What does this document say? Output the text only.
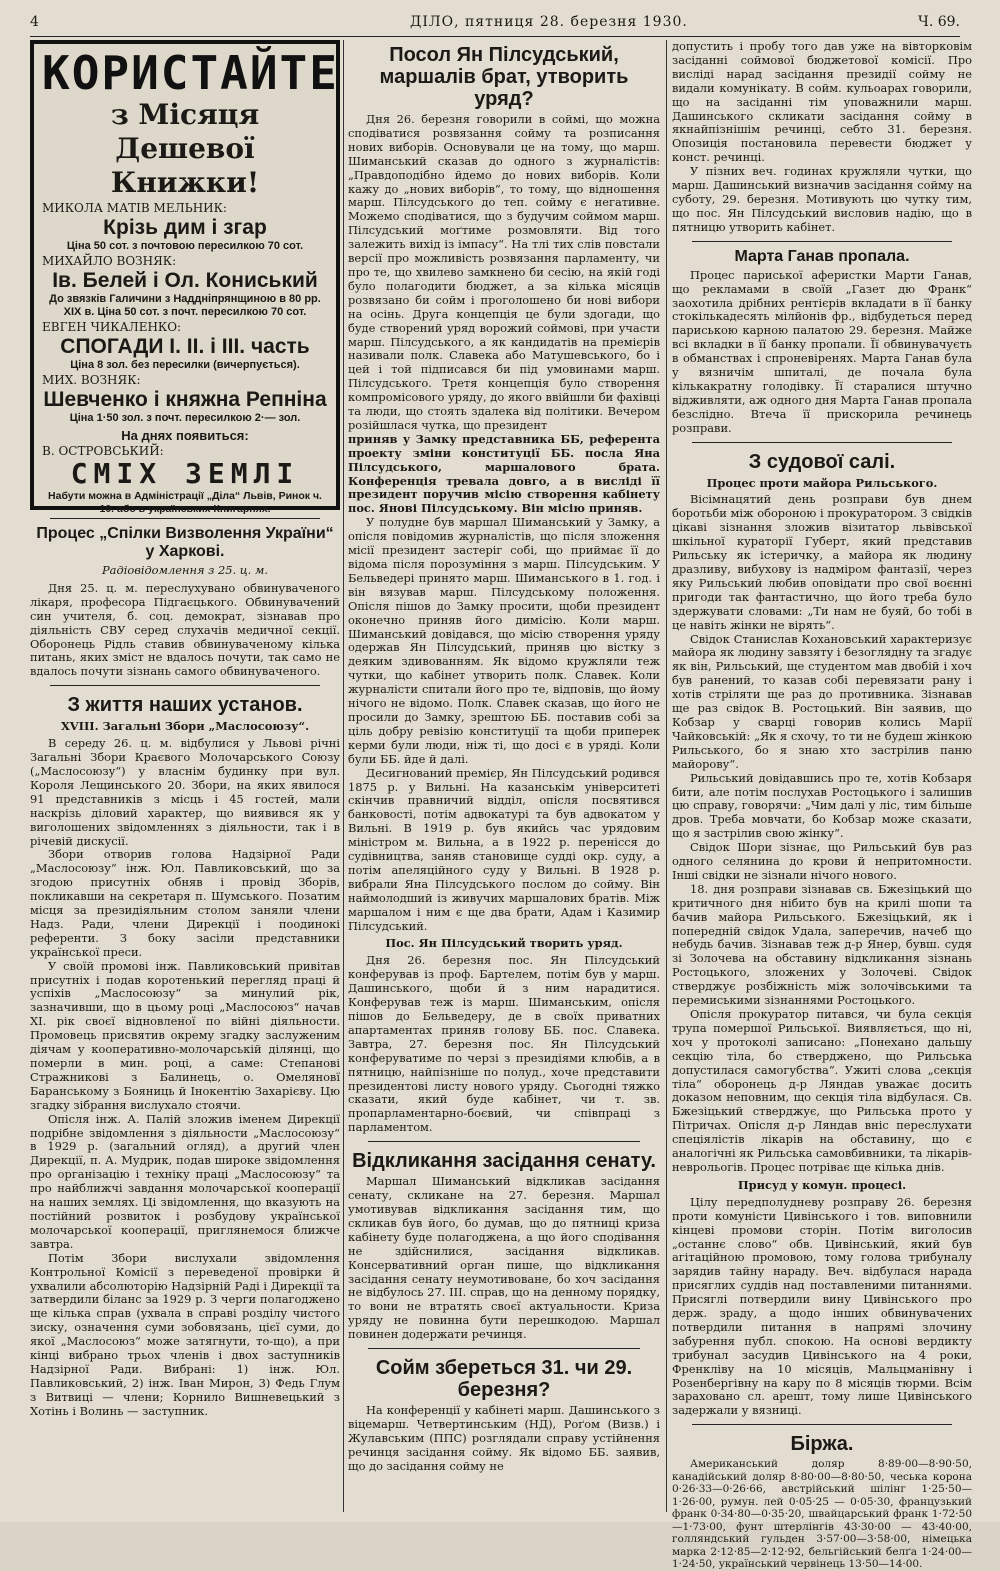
4	ДІЛО, пятниця 28. березня 1930.	Ч. 69.
КОРИСТАЙТЕ
з Місяця Дешевої Книжки!
МИКОЛА МАТІВ МЕЛЬНИК:
Крізь дим і згар
Ціна 50 сот. з почтовою пересилкою 70 сот.
МИХАЙЛО ВОЗНЯК:
Ів. Белей і Ол. Кониський
До звязків Галичини з Наддніпрянщиною в 80 рр. XIX в. Ціна 50 сот. з почт. пересилкою 70 сот.
ЕВГЕН ЧИКАЛЕНКО:
СПОГАДИ I. II. і III. часть
Ціна 8 зол. без пересилки (вичерпується).
МИХ. ВОЗНЯК:
Шевченко і княжна Репніна
Ціна 1·50 зол. з почт. пересилкою 2·— зол.
На днях появиться:
В. ОСТРОВСЬКИЙ:
СМІХ ЗЕМЛІ
Набути можна в Адміністрації „Діла“ Львів, Ринок ч. 10. або в українських Книгарнях.
Процес „Спілки Визволення України“ у Харкові.
Радіовідомлення з 25. ц. м.

Дня 25. ц. м. переслухувано обвинуваченого лікаря, професора Підгаєцького. Обвинувачений син учителя, б. соц. демократ, зізнавав про діяльність СВУ серед слухачів медичної секції. Оборонець Рідль ставив обвинуваченому кілька питань, яких зміст не вдалось почути, так само не вдалось почути зізнань самого обвинуваченого.

З життя наших установ.
XVIII. Загальні Збори „Маслосоюзу“.

В середу 26. ц. м. відбулися у Львові річні Загальні Збори Краєвого Молочарського Союзу („Маслосоюзу“) у власнім будинку при вул. Короля Лещинського 20. Збори, на яких явилося 91 представників з місць і 45 гостей, мали наскрізь діловий характер, що виявився як у виголошених звідомленнях з діяльности, так і в річевій дискусії.

Збори отворив голова Надзірної Ради „Маслосоюзу“ інж. Юл. Павликовський, що за згодою присутніх обняв і провід Зборів, покликавши на секретаря п. Шумського. Позатим місця за президіяльним столом заняли члени Надз. Ради, члени Дирекції і поодинокі референти. З боку засіли представники української преси.

У своїй промові інж. Павликовський привітав присутніх і подав коротенький перегляд праці й успіхів „Маслосоюзу“ за минулий рік, зазначивши, що в цьому році „Маслосоюз“ начав XI. рік своєї відновленої по війні діяльности. Промовець присвятив окрему згадку заслуженим діячам у кооперативно-молочарській ділянці, що померли в мин. році, а саме: Степанові Стражникові з Балинець, о. Омеляновї Баранському з Бояниць й Інокентію Захарієву. Цю згадку зібрання вислухало стоячи.

Опісля інж. А. Палій зложив іменем Дирекції подрібне звідомлення з діяльности „Маслосоюзу“ в 1929 р. (загальний огляд), а другий член Дирекції, п. А. Мудрик, подав широке звідомлення про організацію і техніку праці „Маслосоюзу“ та про найближчі завдання молочарської кооперації на наших землях. Ці звідомлення, що вказують на постійний розвиток і розбудову української молочарської кооперації, приглянемося ближче завтра.

Потім Збори вислухали звідомлення Контрольної Комісії з переведеної провірки й ухвалили абсолюторію Надзірній Раді і Дирекції та затвердили біланс за 1929 р. З черги полагоджено ще кілька справ (ухвала в справі розділу чистого зиску, означення суми зобовязань, цієї суми, до якої „Маслосоюз“ може затягнути, то-що), а при кінці вибрано трьох членів і двох заступників Надзірної Ради. Вибрані: 1) інж. Юл. Павликовський, 2) інж. Іван Мирон, 3) Федь Глум з Витвиці — члени; Корнило Вишневецький з Хотінь і Волинь — заступник.

Посол Ян Пілсудський, маршалів брат, утворить уряд?

Дня 26. березня говорили в соймі, що можна сподіватися розвязання сойму та розписання нових виборів. Основували це на тому, що марш. Шиманський сказав до одного з журналістів: „Правдоподібно йдемо до нових виборів. Коли кажу до „нових виборів“, то тому, що відношення марш. Пілсудського до теп. сойму є негативне. Можемо сподіватися, що з будучим соймом марш. Пілсудський моґтиме розмовляти. Від того залежить вихід із імпасу“. На тлі тих слів повстали версії про можливість розвязання парламенту, чи про те, що хвилево замкнено би сесію, на якій годі було полагодити бюджет, а за кілька місяців розвязано би сойм і проголошено би нові вибори на осінь. Друга концепція це були здогади, що буде створений уряд ворожий соймові, при участи марш. Пілсудського, а як кандидатів на премієрів називали полк. Славека або Матушевського, бо і цей і той підписався би під умовинами марш. Пілсудського. Третя концепція було створення компромісового уряду, до якого ввійшли би фахівці та люди, що стоять здалека від політики. Вечером розійшлася чутка, що президент

приняв у Замку представника ББ, референта проекту зміни конституції ББ. посла Яна Пілсудського, маршалового брата. Конференція тревала довго, а в висліді її президент поручив місію створення кабінету пос. Янові Пілсудському. Він місію приняв.

У полудне був маршал Шиманський у Замку, а опісля повідомив журналістів, що після зложення місії президент застеріг собі, що приймає її до відома після порозуміння з марш. Пілсудським. У Бельведері принято марш. Шиманського в 1. год. і він вязував марш. Пілсудському положення. Опісля пішов до Замку просити, щоби президент оконечно приняв його димісію. Коли марш. Шиманський довідався, що місію створення уряду одержав Ян Пілсудський, приняв цю вістку з деяким здивованням. Як відомо кружляли теж чутки, що кабінет утворить полк. Славек. Коли журналісти спитали його про те, відповів, що йому нічого не відомо. Полк. Славек сказав, що його не просили до Замку, зрештою ББ. поставив собі за ціль добру ревізію конституції та щоби приперек керми були люди, ніж ті, що досі є в уряді. Коли були ББ. йде й далі.

Десигнований премієр, Ян Пілсудський родився 1875 р. у Вильні. На казанськім університеті скінчив правничий відділ, опісля посвятився банковості, потім адвокатурі та був адвокатом у Вильні. В 1919 р. був якийсь час урядовим міністром м. Вильна, а в 1922 р. перенісся до судівництва, заняв становище судді окр. суду, а потім апеляційного суду у Вильні. В 1928 р. вибрали Яна Пілсудського послом до сойму. Він наймолодший із живучих маршалових братів. Між маршалом і ним є ще два брати, Адам і Казимир Пілсудський.

Пос. Ян Пілсудський творить уряд.

Дня 26. березня пос. Ян Пілсудський конферував із проф. Бартелем, потім був у марш. Дашинського, щоби й з ним нарадитися. Конферував теж із марш. Шиманським, опісля пішов до Бельведеру, де в своїх приватних апартаментах приняв голову ББ. пос. Славека. Завтра, 27. березня пос. Ян Пілсудський конферуватиме по черзі з президіями клюбів, а в пятницю, найпізніше по полуд., хоче представити президентові листу нового уряду. Сьогодні тяжко сказати, який буде кабінет, чи т. зв. пропарламентарно-боєвий, чи співпраці з парламентом.

Відкликання засідання сенату.

Маршал Шиманський відкликав засідання сенату, скликане на 27. березня. Маршал умотивував відкликання засідання тим, що скликав був його, бо думав, що до пятниці криза кабінету буде полагоджена, а що його сподівання не здійснилися, засідання відкликав. Консервативний орган пише, що відкликання засідання сенату неумотивоване, бо хоч засідання не відбулось 27. III. справ, що на денному порядку, то вони не втратять своєї актуальности. Криза уряду не повинна бути перешкодою. Маршал повинен додержати речинця.

Сойм збереться 31. чи 29. березня?

На конференції у кабінеті марш. Дашинського з віцемарш. Четвертинським (НД), Роґом (Визв.) і Жулавським (ППС) розглядали справу устійнення речинця засідання сойму. Як відомо ББ. заявив, що до засідання сойму не

допустить і пробу того дав уже на вівторковім засіданні соймової бюджетової комісії. Про висліді нарад засідання президії сойму не видали комунікату. В сойм. кульоарах говорили, що на засіданні тім уповажнили марш. Дашинського скликати засідання сойму в якнайпізнішім речинці, себто 31. березня. Опозиція постановила перевести бюджет у конст. речинці.

У пізних веч. годинах кружляли чутки, що марш. Дашинський визначив засідання сойму на суботу, 29. березня. Мотивують цю чутку тим, що пос. Ян Пілсудський висловив надію, що в пятницю утворить кабінет.

Марта Ганав пропала.

Процес париської аферистки Марти Ганав, що рекламами в своїй „Газет дю Франк“ заохотила дрібних рентієрів вкладати в її банку стокількадесять мілйонів фр., відбудеться перед париською карною палатою 29. березня. Майже всі вкладки в її банку пропали. Її обвинувачуєть в обманствах і спроневіренях. Марта Ганав була у вязничім шпиталі, де почала була кількакратну голодівку. Її старалися штучно відживляти, аж одного дня Марта Ганав пропала безслідно. Втеча її прискорила речинець розправи.

З судової салі.
Процес проти майора Рильського.

Вісімнацятий день розправи був днем боротьби між обороною і прокуратором. З свідків цікаві зізнання зложив візитатор львівської шкільної кураторії Губерт, який представив Рильську як істеричку, а майора як людину дразливу, вибухову із надміром фантазії, через яку Рильський любив оповідати про свої воєнні пригоди так фантастично, що його треба було здержувати словами: „Ти нам не буяй, бо тобі в це навіть жінки не вірять“.

Свідок Станислав Кохановський характеризує майора як людину завзяту і безоглядну та згадує як він, Рильський, ще студентом мав двобій і хоч був ранений, то казав собі перевязати рану і хотів стріляти ще раз до противника. Зізнавав ще раз свідок В. Ростоцький. Він заявив, що Кобзар у сварці говорив колись Марії Чайковській: „Як я схочу, то ти не будеш жінкою Рильського, бо я знаю хто застрілив паню майорову“.

Рильський довідавшись про те, хотів Кобзаря бити, але потім послухав Ростоцького і залишив цю справу, говорячи: „Чим далі у ліс, тим більше дров. Треба мовчати, бо Кобзар може сказати, що я застрілив свою жінку“.

Свідок Шори зізнає, що Рильський був раз одного селянина до крови й непритомности. Інші свідки не зізнали нічого нового.

18. дня розправи зізнавав св. Бжезіцький що критичного дня нібито був на крилі шопи та бачив майора Рильського. Бжезіцький, як і попередній свідок Удала, заперечив, начеб що небудь бачив. Зізнавав теж д-р Янер, бувш. судя зі Золочева на обставину відкликання зізнань Ростоцького, зложених у Золочеві. Свідок стверджує розбіжність між золочівськими та перемиськими зізнаннями Ростоцького.

Опісля прокуратор питався, чи була секція трупа помершої Рильської. Виявляється, що ні, хоч у протоколі записано: „Понехано дальшу секцію тіла, бо стверджено, що Рильська допустилася самогубства“. Ужиті слова „секція тіла“ оборонець д-р Ляндав уважає досить доказом неповним, що секція тіла відбулася. Св. Бжезіцький стверджує, що Рильська прото у Пітричах. Опісля д-р Ляндав вніс переслухати спеціялістів лікарів на обставину, що є аналогічні як Рильська самовбивники, та лікарів-неврольогів. Процес потріває ще кілька днів.

Присуд у комун. процесі.

Цілу передполудневу розправу 26. березня проти комуністи Цивінського і тов. виповнили кінцеві промови сторін. Потім виголосив „останнє слово“ обв. Цивінський, який був агітаційною промовою, тому голова трибуналу зарядив тайну нараду. Веч. відбулася нарада присяглих суддів над поставленими питаннями. Присяглі потвердили вину Цивінського про держ. зраду, а щодо інших обвинувачених потвердили питання в напрямі злочину забурення публ. спокою. На основі вердикту трибунал засудив Цивінського на 4 роки, Френкліву на 10 місяців, Мальцманівну і Розенбергівну на кару по 8 місяців тюрми. Всім зараховано сл. арешт, тому лише Цивінського задержали у вязниці.

Біржа.

Американський доляр 8·89·00—8·90·50, канадійський доляр 8·80·00—8·80·50, чеська корона 0·26·33—0·26·66, австрійський шілінг 1·25·50—1·26·00, румун. лей 0·05·25 — 0·05·30, французький франк 0·34·80—0·35·20, швайцарський франк 1·72·50—1·73·00, фунт штерлінгів 43·30·00 — 43·40·00, голляндський гульден 3·57·00—3·58·00, німецька марка 2·12·85—2·12·92, бельгійський белґа 1·24·00—1·24·50, український червінець 13·50—14·00.
